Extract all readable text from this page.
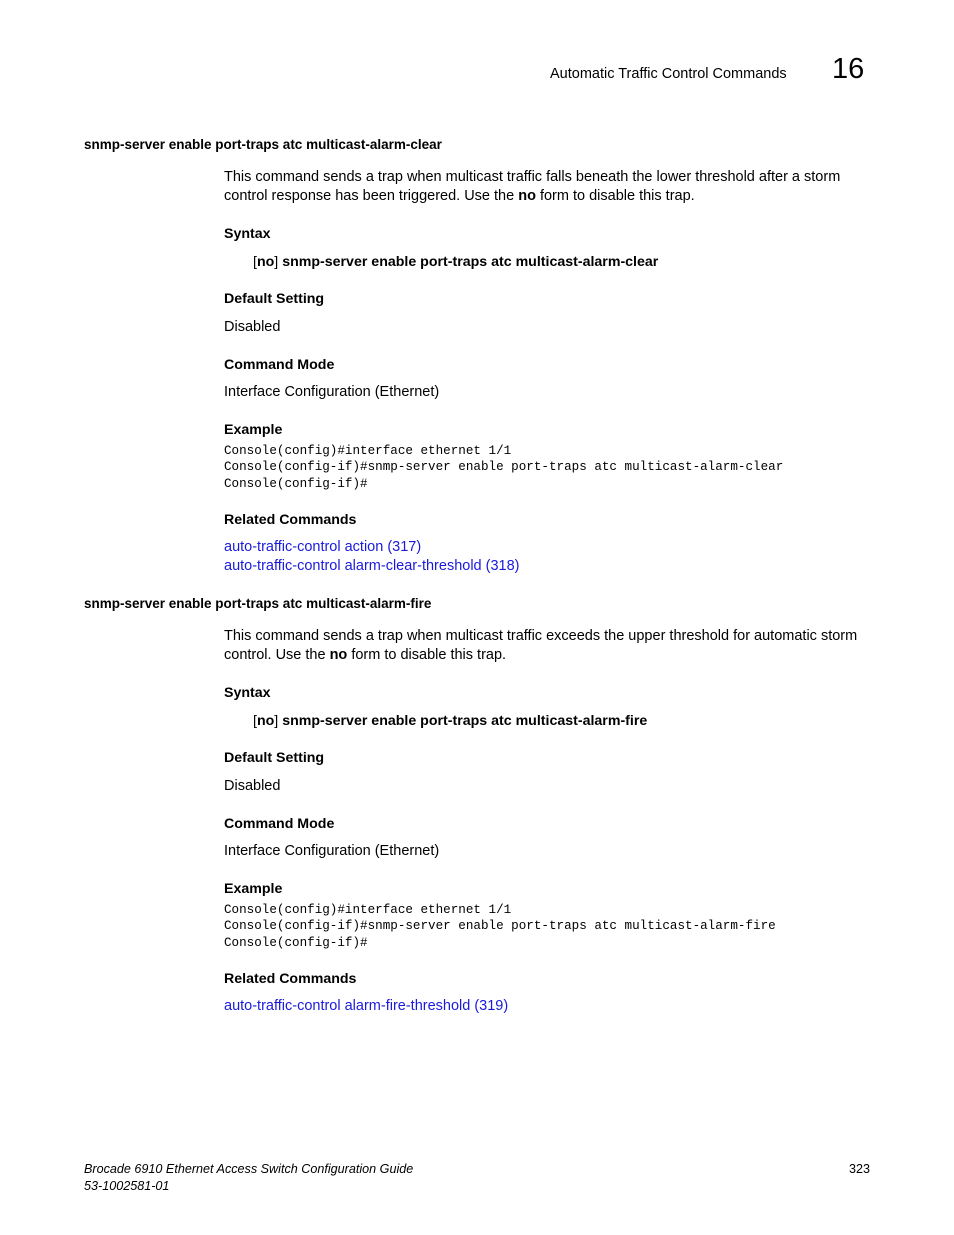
Automatic Traffic Control Commands 16
snmp-server enable port-traps atc multicast-alarm-clear
This command sends a trap when multicast traffic falls beneath the lower threshold after a storm control response has been triggered. Use the no form to disable this trap.
Syntax
[no] snmp-server enable port-traps atc multicast-alarm-clear
Default Setting
Disabled
Command Mode
Interface Configuration (Ethernet)
Example
Console(config)#interface ethernet 1/1
Console(config-if)#snmp-server enable port-traps atc multicast-alarm-clear
Console(config-if)#
Related Commands
auto-traffic-control action (317)
auto-traffic-control alarm-clear-threshold (318)
snmp-server enable port-traps atc multicast-alarm-fire
This command sends a trap when multicast traffic exceeds the upper threshold for automatic storm control. Use the no form to disable this trap.
Syntax
[no] snmp-server enable port-traps atc multicast-alarm-fire
Default Setting
Disabled
Command Mode
Interface Configuration (Ethernet)
Example
Console(config)#interface ethernet 1/1
Console(config-if)#snmp-server enable port-traps atc multicast-alarm-fire
Console(config-if)#
Related Commands
auto-traffic-control alarm-fire-threshold (319)
Brocade 6910 Ethernet Access Switch Configuration Guide
53-1002581-01
323
